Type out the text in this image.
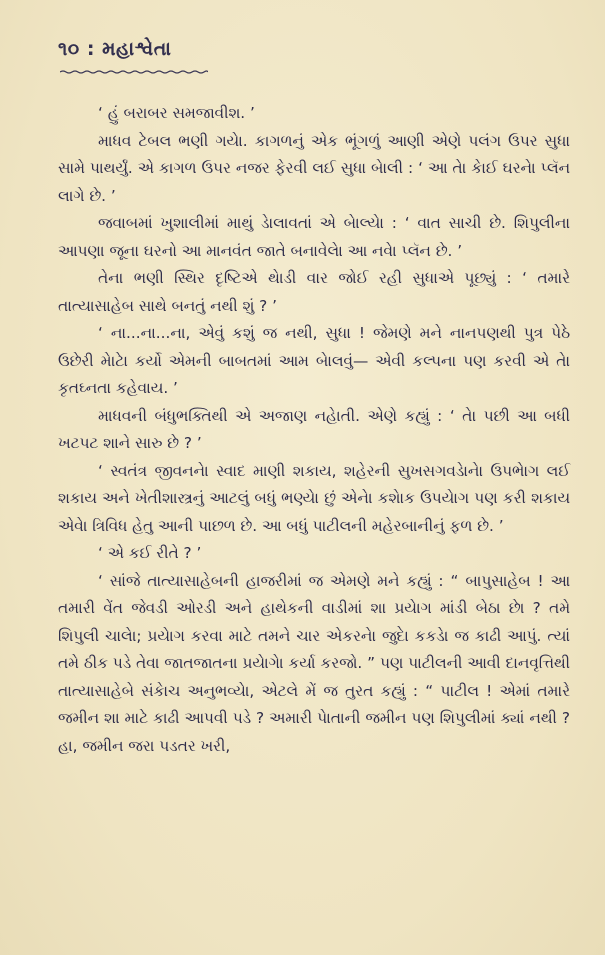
૧૦ : મહાશ્વેતા

‘ હું બરાબર સમજાવીશ. ’

માધવ ટેબલ ભણી ગયેા. કાગળનું એક ભૂંગળું આણી એણે પલંગ ઉપર સુધા સામે પાથર્યું. એ કાગળ ઉપર નજર ફેરવી લઈ સુધા બેાલી : ‘ આ તેા કેાઈ ઘરનેા પ્લૅન લાગે છે. ’

જવાબમાં ખુશાલીમાં માથું ડેાલાવતાં એ બેાલ્યેા : ‘ વાત સાચી છે. શિપુલીના આપણા જૂના ઘરનો આ માનવંત જાતે બનાવેલેા આ નવેા પ્લૅન છે. ’

તેના ભણી સ્થિર દૃષ્ટિએ થેાડી વાર જોઈ રહી સુધાએ પૂછ્યું : ‘ તમારે તાત્યાસાહેબ સાથે બનતું નથી શું ? ’

‘ ના...ના...ના, એવું કશું જ નથી, સુધા ! જેમણે મને નાનપણથી પુત્ર પેઠે ઉછેરી મેાટેા કર્યો એમની બાબતમાં આમ બેાલવું— એવી કલ્પના પણ કરવી એ તેા કૃતઘ્નતા કહેવાય. ’

માધવની બંધુભક્તિથી એ અજાણ નહેાતી. એણે કહ્યું : ‘ તેા પછી આ બધી ખટપટ શાને સારુ છે ? ’

‘ સ્વતંત્ર જીવનનેા સ્વાદ માણી શકાય, શહેરની સુખસગવડેાનેા ઉપભેાગ લઈ શકાય અને ખેતીશાસ્ત્રનું આટલું બધું ભણ્યેા છું એનેા કશેાક ઉપયેાગ પણ કરી શકાય એવેા ત્રિવિધ હેતુ આની પાછળ છે. આ બધું પાટીલની મહેરબાનીનું ફળ છે. ’

‘ એ કઈ રીતે ? ’

‘ સાંજે તાત્યાસાહેબની હાજરીમાં જ એમણે મને કહ્યું : “ બાપુસાહેબ ! આ તમારી વેંત જેવડી ઓરડી અને હાથેકની વાડીમાં શા પ્રયેાગ માંડી બેઠા છેા ? તમે શિપુલી ચાલેા; પ્રયેાગ કરવા માટે તમને ચાર એકરનેા જુદેા કકડેા જ કાઢી આપું. ત્યાં તમે ઠીક પડે તેવા જાતજાતના પ્રયેાગેા કર્યા કરજો. ” પણ પાટીલની આવી દાનવૃત્તિથી તાત્યાસાહેબે સંકેાચ અનુભવ્યેા, એટલે મેં જ તુરત કહ્યું : “ પાટીલ ! એમાં તમારે જમીન શા માટે કાઢી આપવી પડે ? અમારી પેાતાની જમીન પણ શિપુલીમાં ક્યાં નથી ? હા, જમીન જરા પડતર ખરી,
